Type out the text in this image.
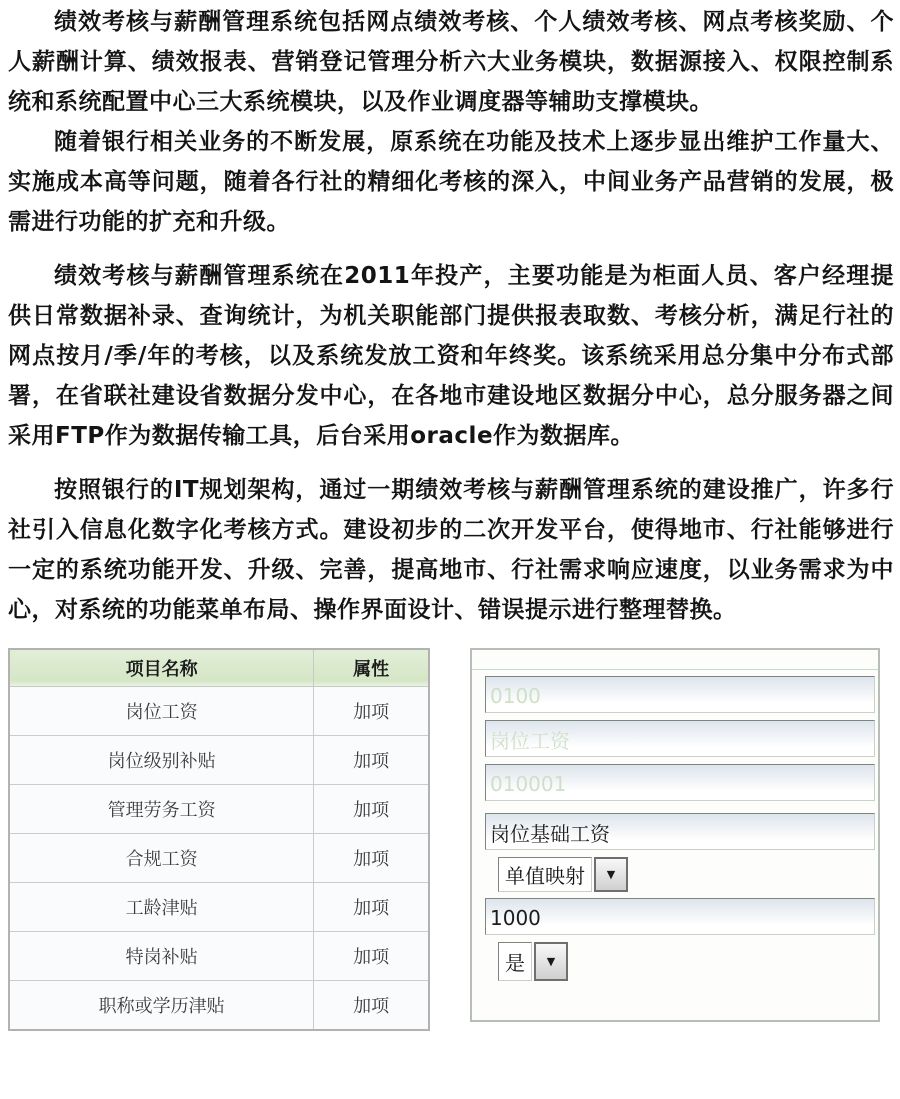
绩效考核与薪酬管理系统包括网点绩效考核、个人绩效考核、网点考核奖励、个人薪酬计算、绩效报表、营销登记管理分析六大业务模块，数据源接入、权限控制系统和系统配置中心三大系统模块，以及作业调度器等辅助支撑模块。

随着银行相关业务的不断发展，原系统在功能及技术上逐步显出维护工作量大、实施成本高等问题，随着各行社的精细化考核的深入，中间业务产品营销的发展，极需进行功能的扩充和升级。

绩效考核与薪酬管理系统在2011年投产，主要功能是为柜面人员、客户经理提供日常数据补录、查询统计，为机关职能部门提供报表取数、考核分析，满足行社的网点按月/季/年的考核，以及系统发放工资和年终奖。该系统采用总分集中分布式部署，在省联社建设省数据分发中心，在各地市建设地区数据分中心，总分服务器之间采用FTP作为数据传输工具，后台采用oracle作为数据库。

按照银行的IT规划架构，通过一期绩效考核与薪酬管理系统的建设推广，许多行社引入信息化数字化考核方式。建设初步的二次开发平台，使得地市、行社能够进行一定的系统功能开发、升级、完善，提高地市、行社需求响应速度，以业务需求为中心，对系统的功能菜单布局、操作界面设计、错误提示进行整理替换。

项目名称	属性
岗位工资	加项
岗位级别补贴	加项
管理劳务工资	加项
合规工资	加项
工龄津贴	加项
特岗补贴	加项
职称或学历津贴	加项
0100
岗位工资
010001
岗位基础工资
单值映射	▼
1000
是	▼
